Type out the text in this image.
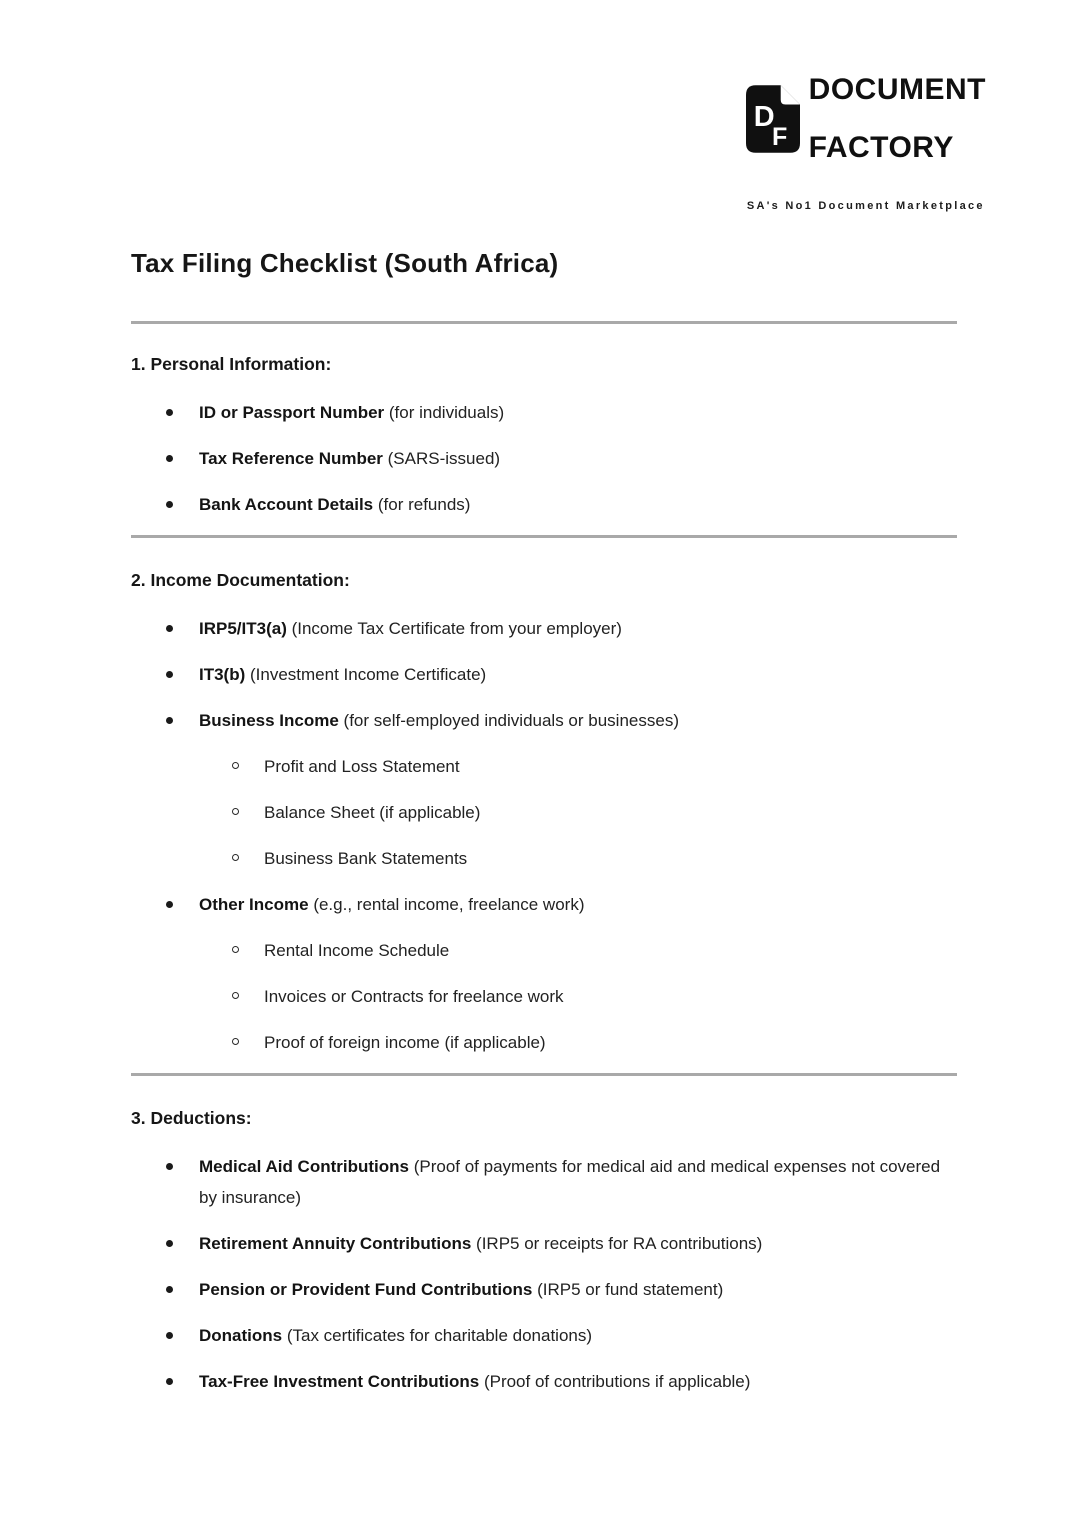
D
F

DOCUMENT

FACTORY

SA's No1 Document Marketplace
Tax Filing Checklist (South Africa)
1. Personal Information:
ID or Passport Number (for individuals)
Tax Reference Number (SARS-issued)
Bank Account Details (for refunds)
2. Income Documentation:
IRP5/IT3(a) (Income Tax Certificate from your employer)
IT3(b) (Investment Income Certificate)
Business Income (for self-employed individuals or businesses)
Profit and Loss Statement
Balance Sheet (if applicable)
Business Bank Statements
Other Income (e.g., rental income, freelance work)
Rental Income Schedule
Invoices or Contracts for freelance work
Proof of foreign income (if applicable)
3. Deductions:
Medical Aid Contributions (Proof of payments for medical aid and medical expenses not covered by insurance)
Retirement Annuity Contributions (IRP5 or receipts for RA contributions)
Pension or Provident Fund Contributions (IRP5 or fund statement)
Donations (Tax certificates for charitable donations)
Tax-Free Investment Contributions (Proof of contributions if applicable)
